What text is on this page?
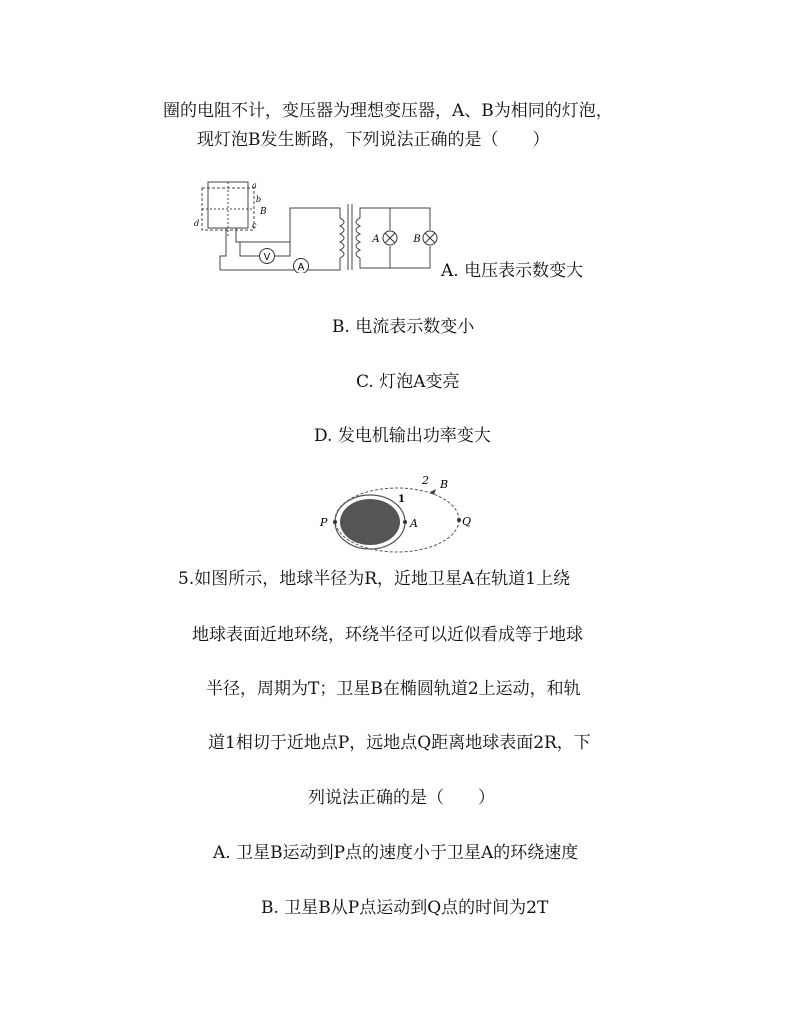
圈的电阻不计，变压器为理想变压器，A、B为相同的灯泡，
现灯泡B发生断路，下列说法正确的是（　　）
V
A
A	B
a
b
c
d
B
A. 电压表示数变大
B. 电流表示数变小
C. 灯泡A变亮
D. 发电机输出功率变大
2 B
1
P	A	Q
5.如图所示，地球半径为R，近地卫星A在轨道1上绕
地球表面近地环绕，环绕半径可以近似看成等于地球
半径，周期为T；卫星B在椭圆轨道2上运动，和轨
道1相切于近地点P，远地点Q距离地球表面2R，下
列说法正确的是（　　）
A. 卫星B运动到P点的速度小于卫星A的环绕速度
B. 卫星B从P点运动到Q点的时间为2T
